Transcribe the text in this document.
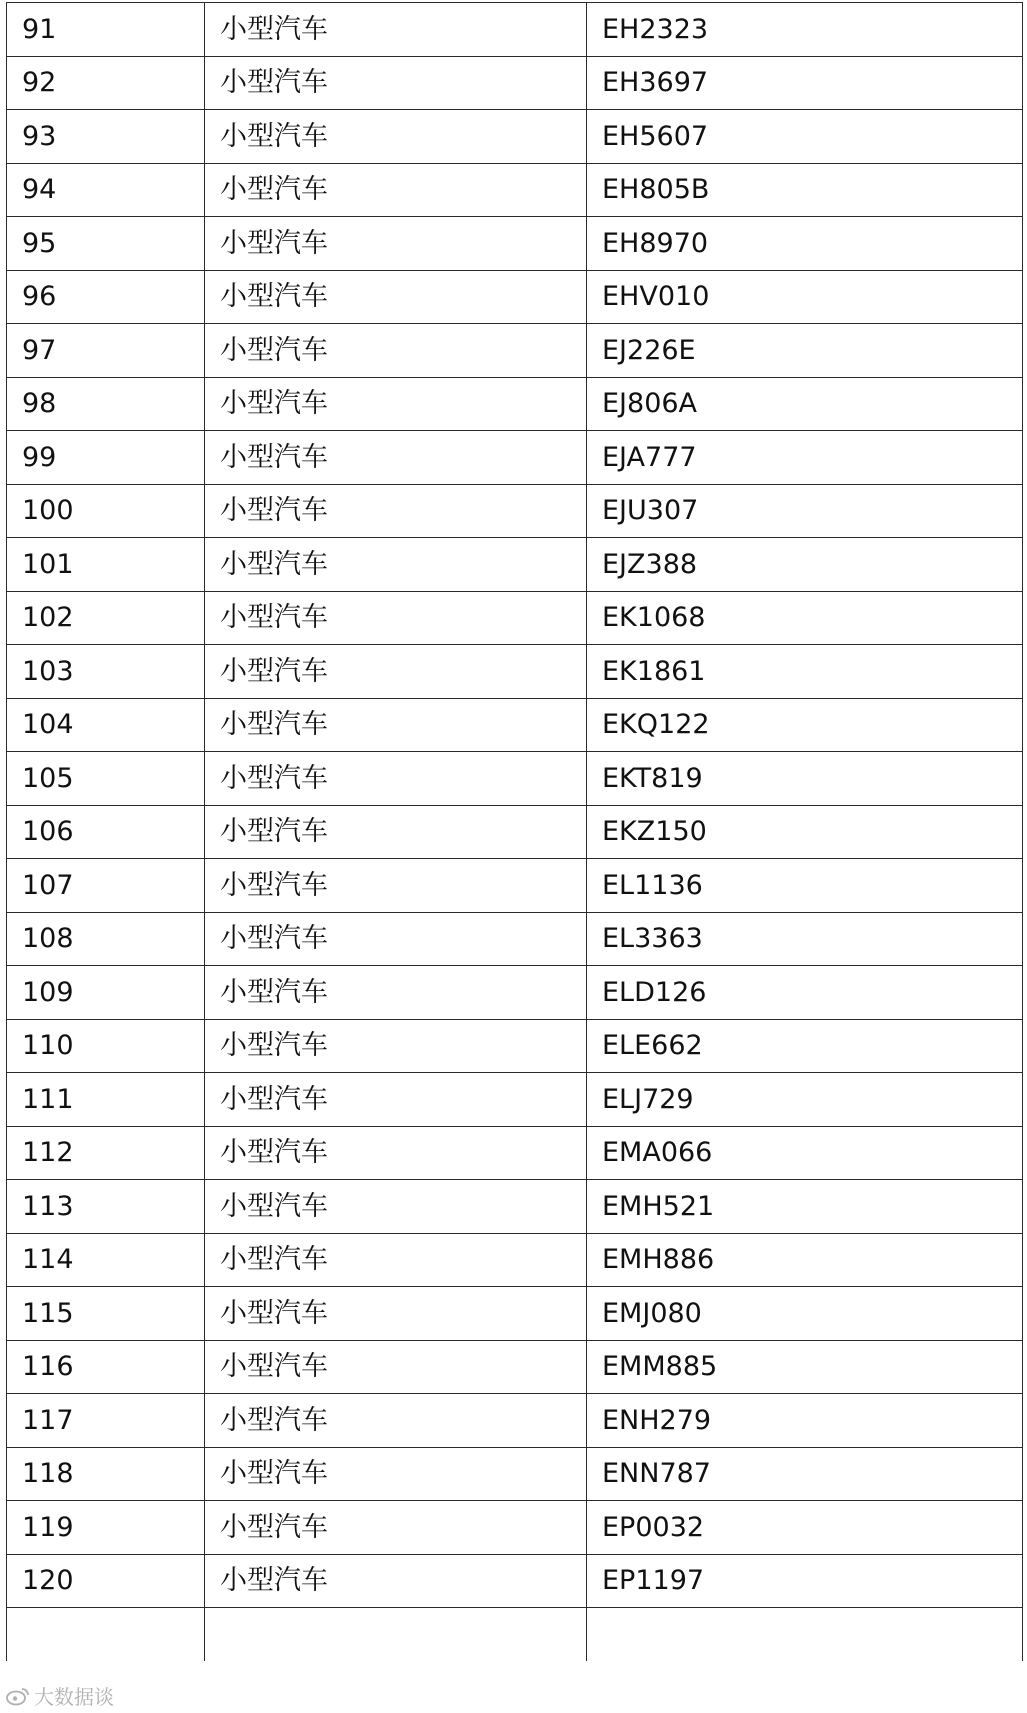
91	小型汽车	EH2323
92	小型汽车	EH3697
93	小型汽车	EH5607
94	小型汽车	EH805B
95	小型汽车	EH8970
96	小型汽车	EHV010
97	小型汽车	EJ226E
98	小型汽车	EJ806A
99	小型汽车	EJA777
100	小型汽车	EJU307
101	小型汽车	EJZ388
102	小型汽车	EK1068
103	小型汽车	EK1861
104	小型汽车	EKQ122
105	小型汽车	EKT819
106	小型汽车	EKZ150
107	小型汽车	EL1136
108	小型汽车	EL3363
109	小型汽车	ELD126
110	小型汽车	ELE662
111	小型汽车	ELJ729
112	小型汽车	EMA066
113	小型汽车	EMH521
114	小型汽车	EMH886
115	小型汽车	EMJ080
116	小型汽车	EMM885
117	小型汽车	ENH279
118	小型汽车	ENN787
119	小型汽车	EP0032
120	小型汽车	EP1197

大数据谈
